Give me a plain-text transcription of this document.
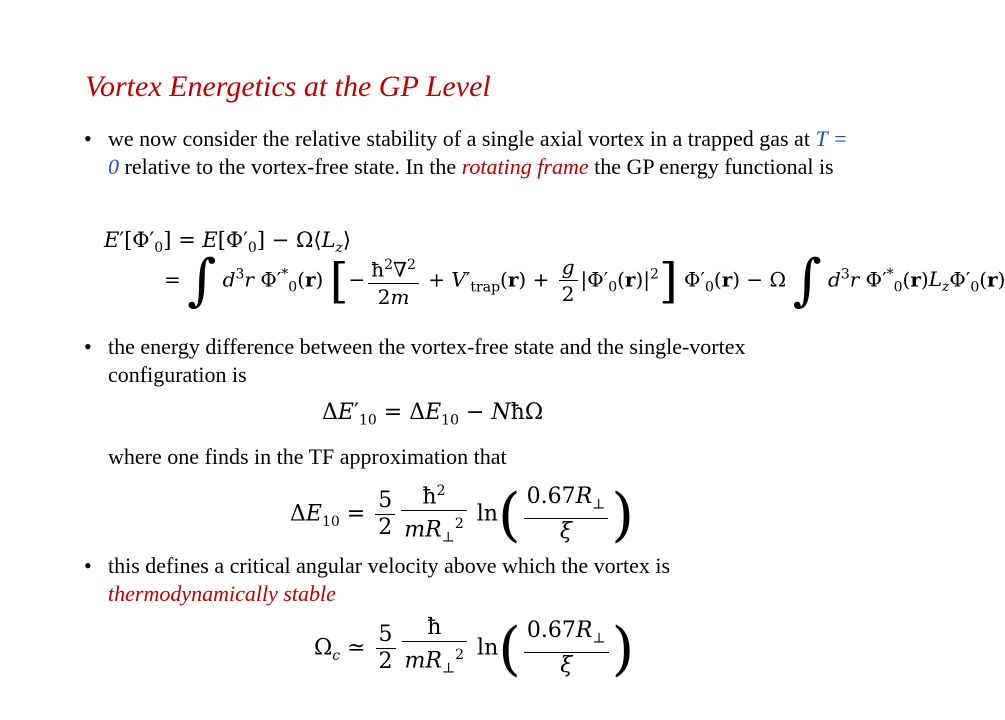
Vortex Energetics at the GP Level
• we now consider the relative stability of a single axial vortex in a trapped gas at T = 0 relative to the vortex-free state. In the rotating frame the GP energy functional is
$E'[\Phi'_0] = E[\Phi'_0]$ − $\Omega⟨L_z⟩$
= ∫ $d^3r$ $\Phi'^*_0(r)$ [− $\frac{ħ^2\nabla^2}{2m} + V'_{trap}(r) + \frac{g}{2} |\Phi'_0(r)|^2$] $\Phi'_0(r) - \Omega$ ∫ $d^3r$ $\Phi'^*_0(r)L_z\Phi'_0(r)$
• the energy difference between the vortex-free state and the single-vortex configuration is
$\Delta E'_{10} = \Delta E_{10}$ − NħΩ
where one finds in the TF approximation that
$\Delta E_{10} = \frac{5}{2} \frac{ħ^2}{mR_\perp^2} \ln( \frac{0.67R_\perp}{\xi}$ )
• this defines a critical angular velocity above which the vortex is thermodynamically stable
$\Omega_c$ ≃ $\frac{5}{2} \frac{ħ}{mR_\perp^2} \ln( \frac{0.67R_\perp}{\xi}$ )
